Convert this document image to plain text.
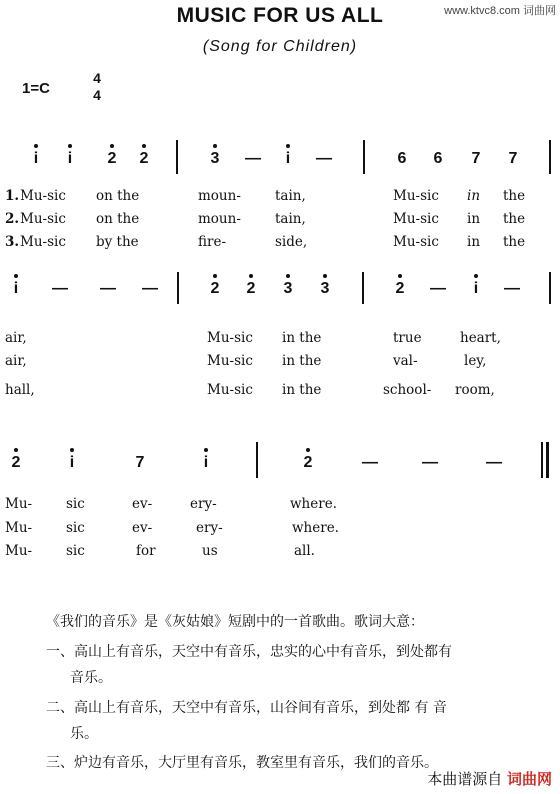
MUSIC FOR US ALL	www.ktvc8.com 词曲网
(Song for Children)
1=C
4
4
i	i	2 2	3 —	i	—	6 6 7 7
1. Mu-sic on the	moun-	tain,	Mu-sic in the
2. Mu-sic on the	moun-	tain,	Mu-sic in the
3. Mu-sic by the	fire-	side,	Mu-sic in the
i	— — —	2 2 3 3	2 —	i	—
air,	Mu-sic in the	true	heart,
air,	Mu-sic in the	val-	ley,
hall,	Mu-sic in the	school- room,
2	i	7	i	2	—	—	—
Mu-	sic	ev-	ery-	where.
Mu-	sic	ev-	ery-	where.
Mu-	sic	for	us	all.
《我们的音乐》是《灰姑娘》短剧中的一首歌曲。歌词大意：
一、高山上有音乐，天空中有音乐，忠实的心中有音乐，到处都有
音乐。
二、高山上有音乐，天空中有音乐，山谷间有音乐，到处都 有 音
乐。
三、炉边有音乐，大厅里有音乐，教室里有音乐，我们的音乐。
本曲谱源自 词曲网
